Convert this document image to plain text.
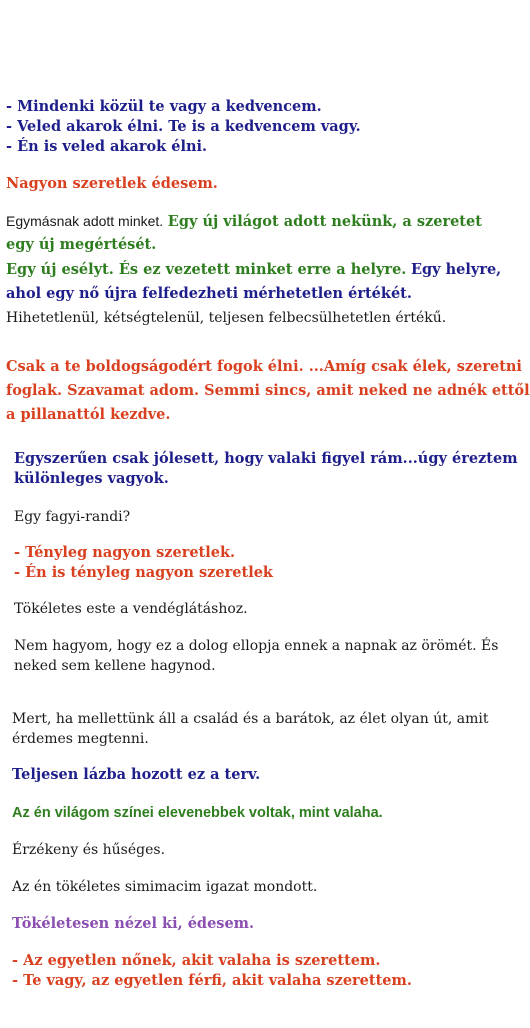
- Mindenki közül te vagy a kedvencem.
- Veled akarok élni. Te is a kedvencem vagy.
- Én is veled akarok élni.
Nagyon szeretlek édesem.
Egymásnak adott minket. Egy új világot adott nekünk, a szeretet
egy új megértését.
Egy új esélyt. És ez vezetett minket erre a helyre. Egy helyre,
ahol egy nő újra felfedezheti mérhetetlen értékét.
Hihetetlenül, kétségtelenül, teljesen felbecsülhetetlen értékű.
Csak a te boldogságodért fogok élni. ...Amíg csak élek, szeretni
foglak. Szavamat adom. Semmi sincs, amit neked ne adnék ettől
a pillanattól kezdve.
Egyszerűen csak jólesett, hogy valaki figyel rám...úgy éreztem
különleges vagyok.
Egy fagyi-randi?
- Tényleg nagyon szeretlek.
- Én is tényleg nagyon szeretlek
Tökéletes este a vendéglátáshoz.
Nem hagyom, hogy ez a dolog ellopja ennek a napnak az örömét. És
neked sem kellene hagynod.
Mert, ha mellettünk áll a család és a barátok, az élet olyan út, amit
érdemes megtenni.
Teljesen lázba hozott ez a terv.
Az én világom színei elevenebbek voltak, mint valaha.
Érzékeny és hűséges.
Az én tökéletes simimacim igazat mondott.
Tökéletesen nézel ki, édesem.
- Az egyetlen nőnek, akit valaha is szerettem.
- Te vagy, az egyetlen férfi, akit valaha szerettem.
